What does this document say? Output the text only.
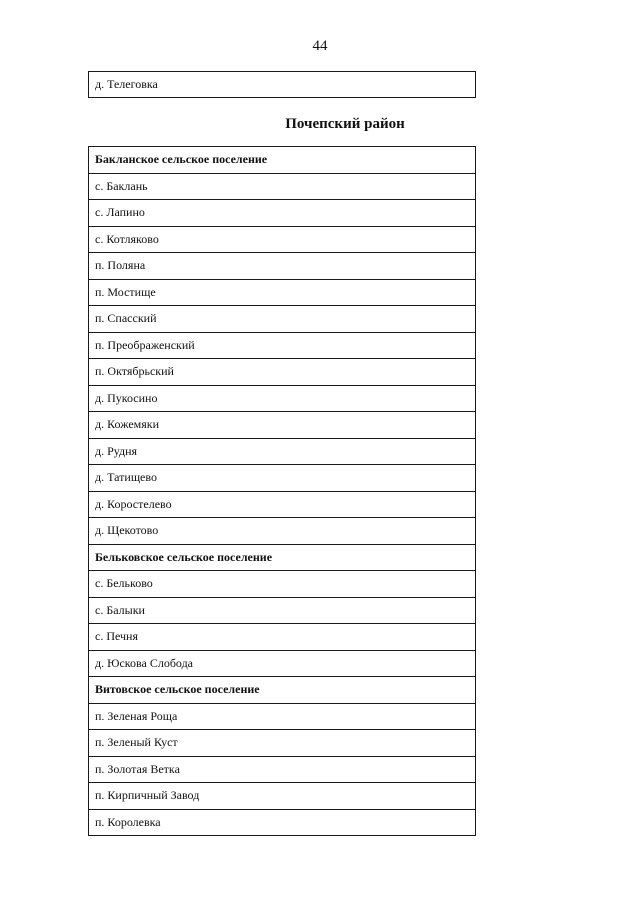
44
д. Телеговка
Почепский район
Бакланское сельское поселение
с. Баклань
с. Лапино
с. Котляково
п. Поляна
п. Мостище
п. Спасский
п. Преображенский
п. Октябрьский
д. Пукосино
д. Кожемяки
д. Рудня
д. Татищево
д. Коростелево
д. Щекотово
Бельковское сельское поселение
с. Бельково
с. Балыки
с. Печня
д. Юскова Слобода
Витовское сельское поселение
п. Зеленая Роща
п. Зеленый Куст
п. Золотая Ветка
п. Кирпичный Завод
п. Королевка
